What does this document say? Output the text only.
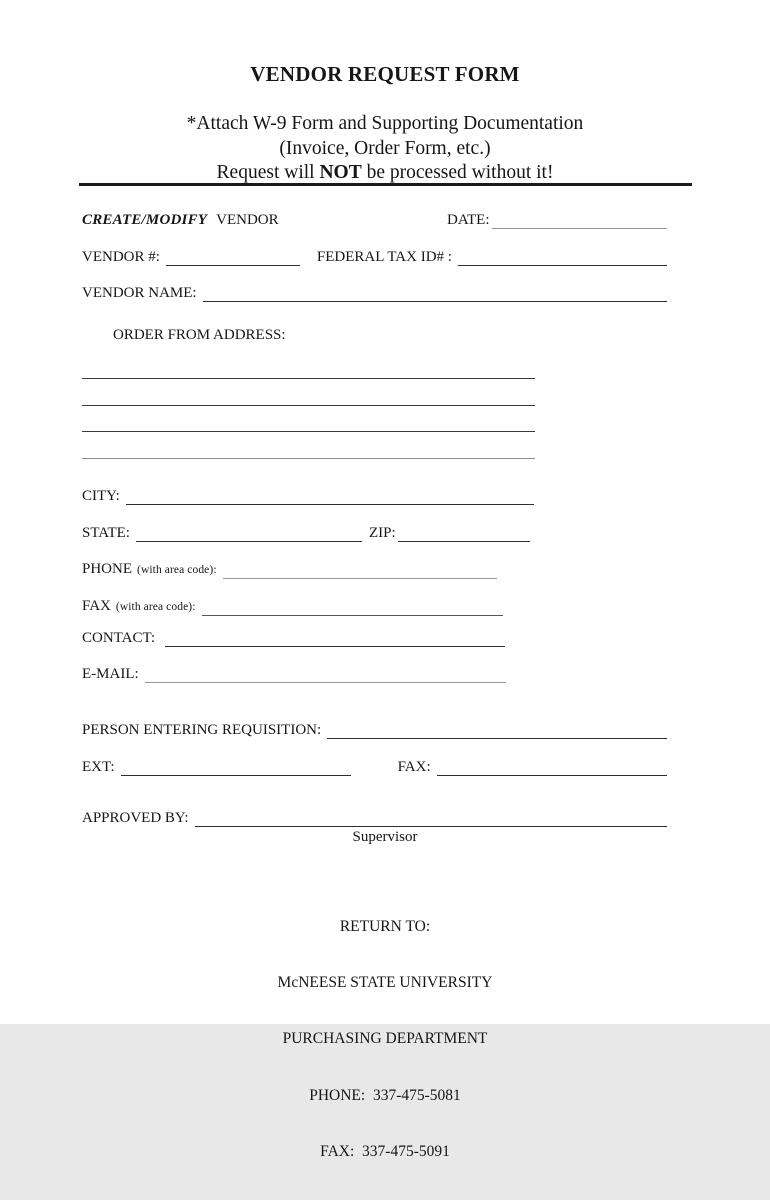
VENDOR REQUEST FORM
*Attach W-9 Form and Supporting Documentation
(Invoice, Order Form, etc.)
Request will NOT be processed without it!
CREATE/MODIFY VENDOR	DATE:
VENDOR #:	FEDERAL TAX ID# :
VENDOR NAME:
ORDER FROM ADDRESS:
CITY:
STATE:	ZIP:
PHONE (with area code):
FAX (with area code):
CONTACT:
E-MAIL:
PERSON ENTERING REQUISITION:
EXT:	FAX:
APPROVED BY:
Supervisor

RETURN TO:

McNEESE STATE UNIVERSITY

PURCHASING DEPARTMENT

PHONE:  337-475-5081

FAX:  337-475-5091
